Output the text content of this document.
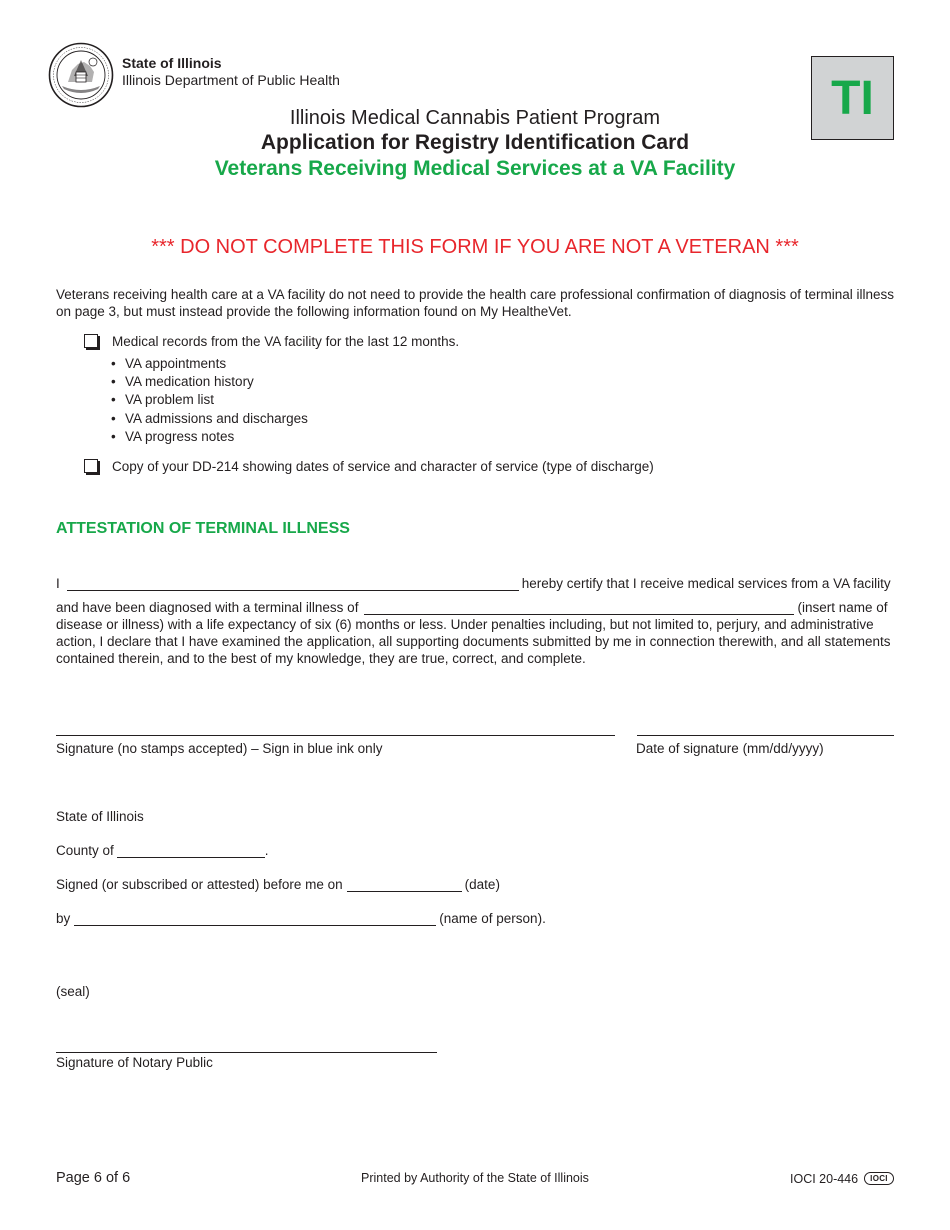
State of Illinois
Illinois Department of Public Health	TI
Illinois Medical Cannabis Patient Program
Application for Registry Identification Card
Veterans Receiving Medical Services at a VA Facility
*** DO NOT COMPLETE THIS FORM IF YOU ARE NOT A VETERAN ***
Veterans receiving health care at a VA facility do not need to provide the health care professional confirmation of diagnosis of terminal illness on page 3, but must instead provide the following information found on My HealtheVet.
Medical records from the VA facility for the last 12 months.
• VA appointments
• VA medication history
• VA problem list
• VA admissions and discharges
• VA progress notes
Copy of your DD-214 showing dates of service and character of service (type of discharge)
ATTESTATION OF TERMINAL ILLNESS
I	hereby certify that I receive medical services from a VA facility
and have been diagnosed with a terminal illness of	(insert name of
disease or illness) with a life expectancy of six (6) months or less. Under penalties including, but not limited to, perjury, and administrative action, I declare that I have examined the application, all supporting documents submitted by me in connection therewith, and all statements contained therein, and to the best of my knowledge, they are true, correct, and complete.
Signature (no stamps accepted) – Sign in blue ink only	Date of signature (mm/dd/yyyy)
State of Illinois
County of	.
Signed (or subscribed or attested) before me on	(date)
by	(name of person).
(seal)
Signature of Notary Public
Page 6 of 6	Printed by Authority of the State of Illinois	IOCI 20-446	IOCI
